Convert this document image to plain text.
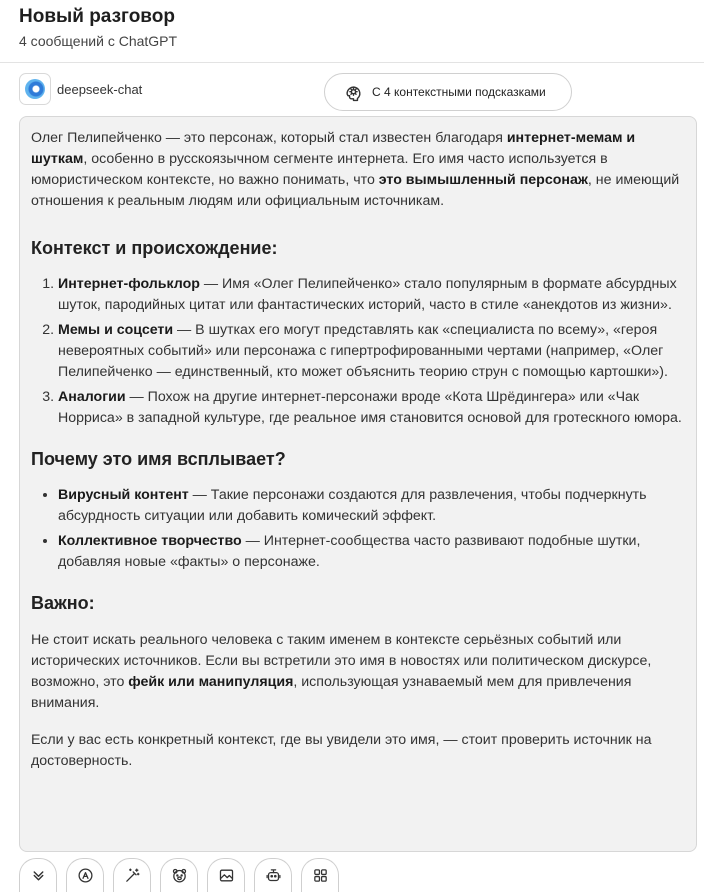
Новый разговор
4 сообщений с ChatGPT
deepseek-chat	С 4 контекстными подсказками

Олег Пелипейченко — это персонаж, который стал известен благодаря интернет-мемам и шуткам, особенно в русскоязычном сегменте интернета. Его имя часто используется в юмористическом контексте, но важно понимать, что это вымышленный персонаж, не имеющий отношения к реальным людям или официальным источникам.

Контекст и происхождение:
1. Интернет-фольклор — Имя «Олег Пелипейченко» стало популярным в формате абсурдных шуток, пародийных цитат или фантастических историй, часто в стиле «анекдотов из жизни».
2. Мемы и соцсети — В шутках его могут представлять как «специалиста по всему», «героя невероятных событий» или персонажа с гипертрофированными чертами (например, «Олег Пелипейченко — единственный, кто может объяснить теорию струн с помощью картошки»).
3. Аналогии — Похож на другие интернет-персонажи вроде «Кота Шрёдингера» или «Чак Норриса» в западной культуре, где реальное имя становится основой для гротескного юмора.
Почему это имя всплывает?
• Вирусный контент — Такие персонажи создаются для развлечения, чтобы подчеркнуть абсурдность ситуации или добавить комический эффект.
• Коллективное творчество — Интернет-сообщества часто развивают подобные шутки, добавляя новые «факты» о персонаже.
Важно:

Не стоит искать реального человека с таким именем в контексте серьёзных событий или исторических источников. Если вы встретили это имя в новостях или политическом дискурсе, возможно, это фейк или манипуляция, использующая узнаваемый мем для привлечения внимания.

Если у вас есть конкретный контекст, где вы увидели это имя, — стоит проверить источник на достоверность.
